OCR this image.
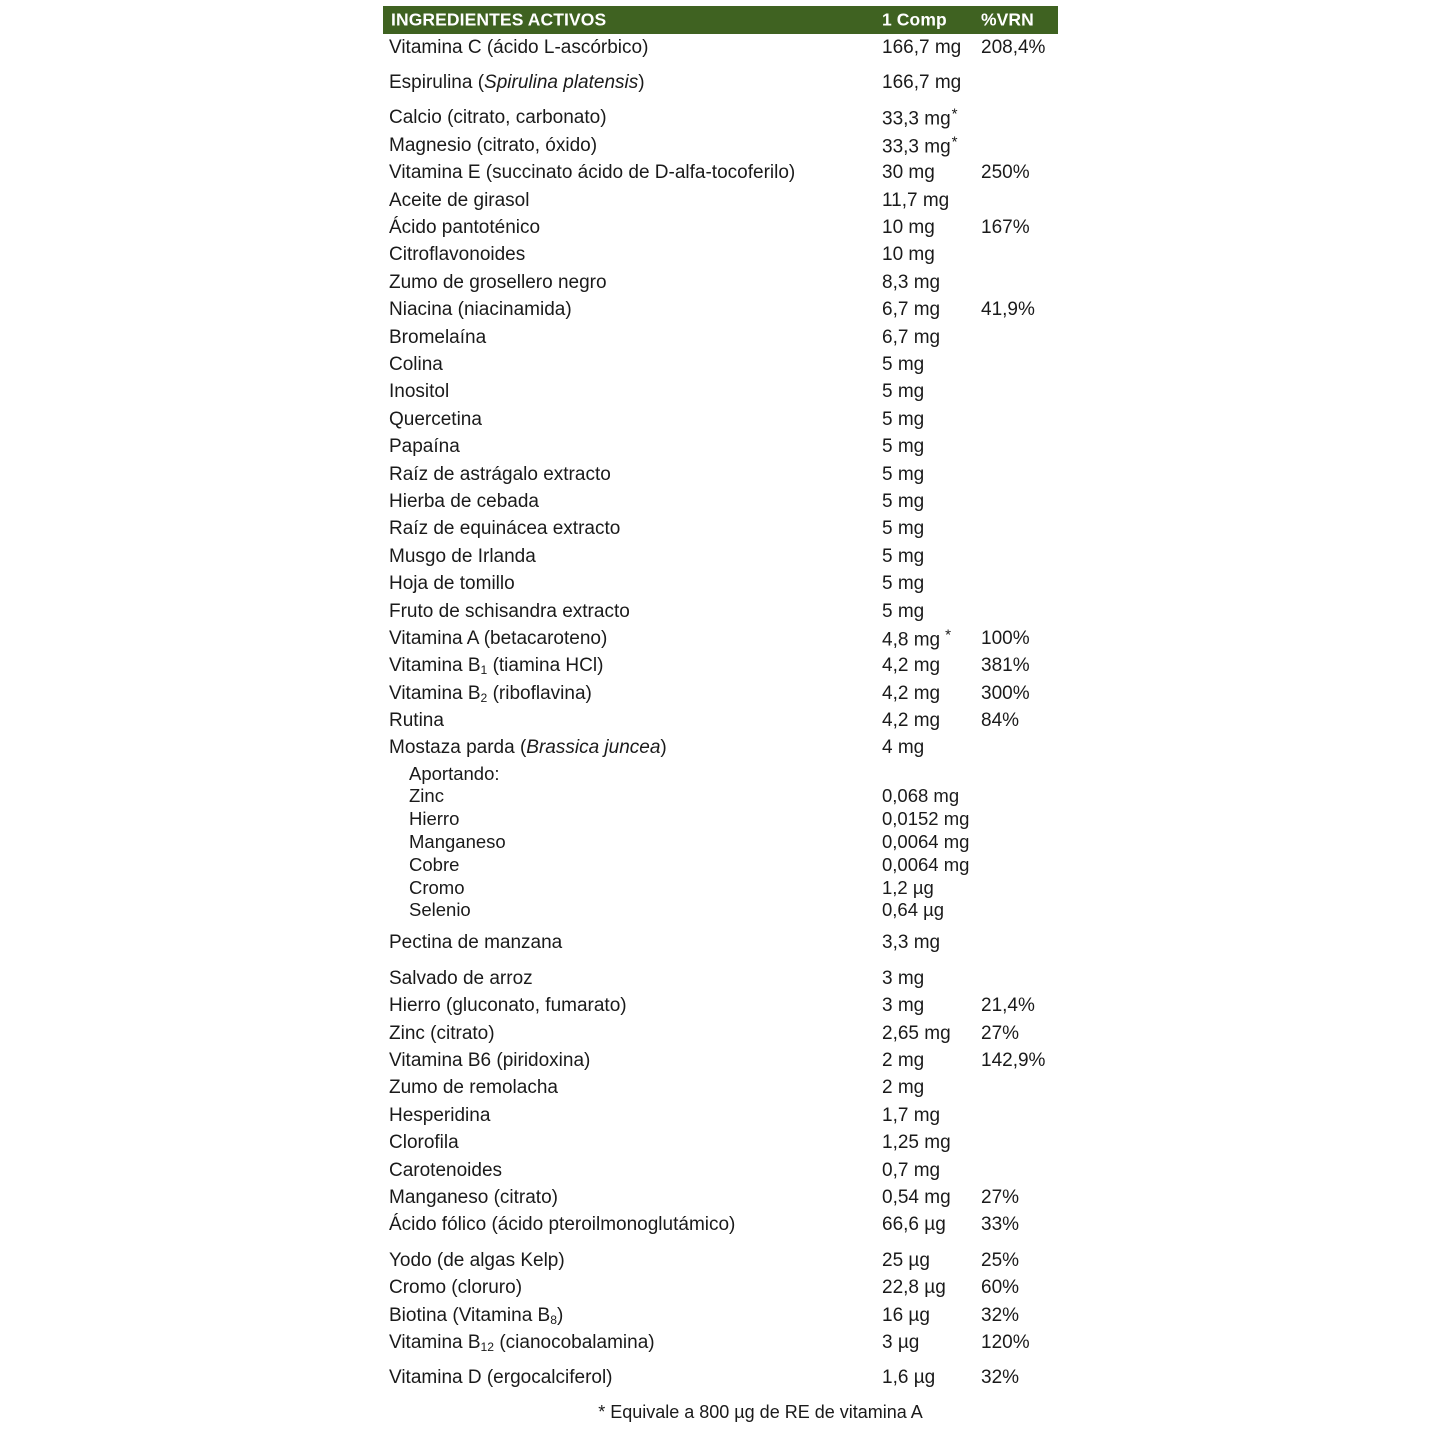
INGREDIENTES ACTIVOS	1 Comp %VRN
Vitamina C (ácido L-ascórbico)	166,7 mg 208,4%
Espirulina (Spirulina platensis)	166,7 mg
Calcio (citrato, carbonato)	33,3 mg*
Magnesio (citrato, óxido)	33,3 mg*
Vitamina E (succinato ácido de D-alfa-tocoferilo)	30 mg 250%
Aceite de girasol	11,7 mg
Ácido pantoténico	10 mg 167%
Citroflavonoides	10 mg
Zumo de grosellero negro	8,3 mg
Niacina (niacinamida)	6,7 mg 41,9%
Bromelaína	6,7 mg
Colina	5 mg
Inositol	5 mg
Quercetina	5 mg
Papaína	5 mg
Raíz de astrágalo extracto	5 mg
Hierba de cebada	5 mg
Raíz de equinácea extracto	5 mg
Musgo de Irlanda	5 mg
Hoja de tomillo	5 mg
Fruto de schisandra extracto	5 mg
Vitamina A (betacaroteno)	4,8 mg * 100%
Vitamina $B_1$ (tiamina HCl)	4,2 mg 381%
Vitamina $B_2$ (riboflavina)	4,2 mg 300%
Rutina	4,2 mg 84%
Mostaza parda (Brassica juncea)	4 mg
Aportando:
Zinc	0,068 mg
Hierro	0,0152 mg
Manganeso	0,0064 mg
Cobre	0,0064 mg
Cromo	1,2 µg
Selenio	0,64 µg
Pectina de manzana	3,3 mg
Salvado de arroz	3 mg
Hierro (gluconato, fumarato)	3 mg	21,4%
Zinc (citrato)	2,65 mg 27%
Vitamina B6 (piridoxina)	2 mg	142,9%
Zumo de remolacha	2 mg
Hesperidina	1,7 mg
Clorofila	1,25 mg
Carotenoides	0,7 mg
Manganeso (citrato)	0,54 mg 27%
Ácido fólico (ácido pteroilmonoglutámico)	66,6 µg 33%
Yodo (de algas Kelp)	25 µg	25%
Cromo (cloruro)	22,8 µg 60%
Biotina (Vitamina $B_8$)	16 µg	32%
Vitamina $B_{12}$ (cianocobalamina)	3 µg	120%
Vitamina D (ergocalciferol)	1,6 µg 32%
* Equivale a 800 µg de RE de vitamina A
